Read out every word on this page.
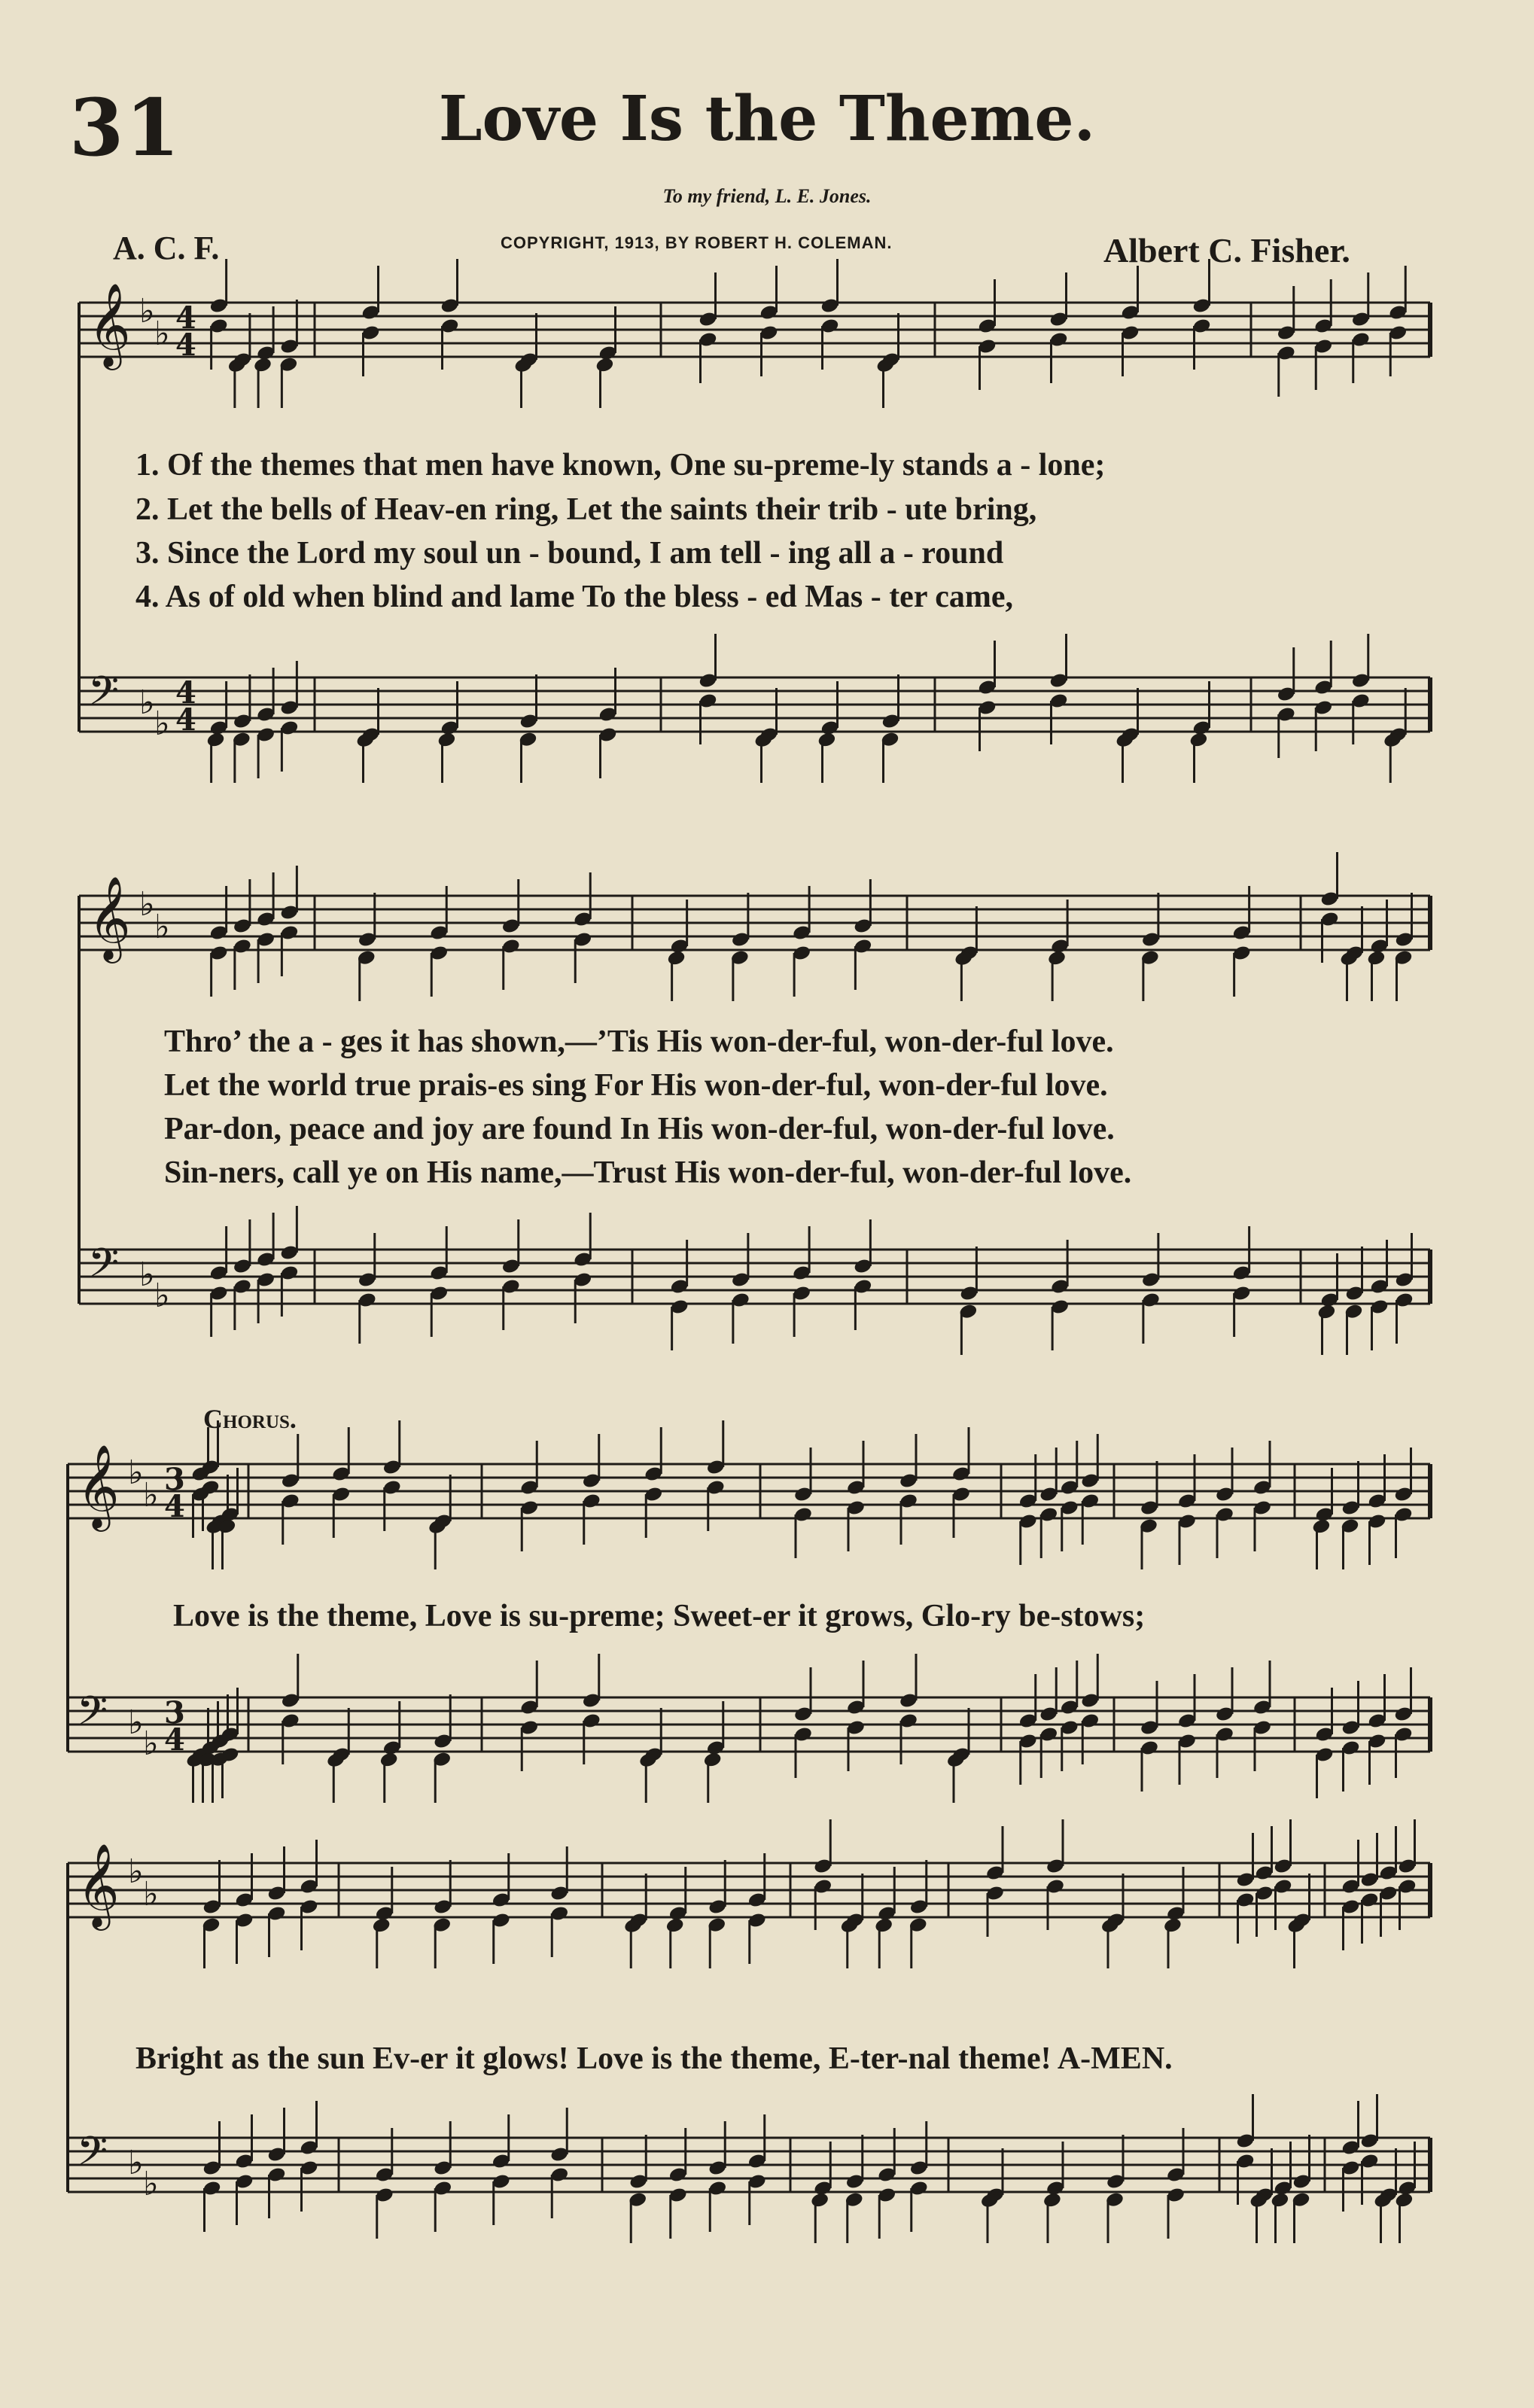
31	Love Is the Theme.
To my friend, L. E. Jones.
A. C. F.	COPYRIGHT, 1913, BY ROBERT H. COLEMAN.	Albert C. Fisher.
𝄞 ♭
♭ 4
4
𝄢 ♭
♭
4
4
𝄞 ♭
♭
𝄢 ♭
♭
𝄞 ♭
♭ 3
4
𝄢 ♭
♭
3
4
𝄞 ♭
♭
𝄢 ♭
♭
1. Of the themes that men have known, One su-preme-ly stands a - lone;
2. Let the bells of Heav-en ring, Let the saints their trib - ute bring,
3. Since the Lord my soul un - bound, I am tell - ing all a - round
4. As of old when blind and lame To the bless - ed Mas - ter came,
Thro’ the a - ges it has shown,—’Tis His won-der-ful, won-der-ful love.
Let the world true prais-es sing For His won-der-ful, won-der-ful love.
Par-don, peace and joy are found In His won-der-ful, won-der-ful love.
Sin-ners, call ye on His name,—Trust His won-der-ful, won-der-ful love.
Chorus.
Love is the theme, Love is su-preme; Sweet-er it grows, Glo-ry be-stows;
Bright as the sun Ev-er it glows! Love is the theme, E-ter-nal theme! A-MEN.
